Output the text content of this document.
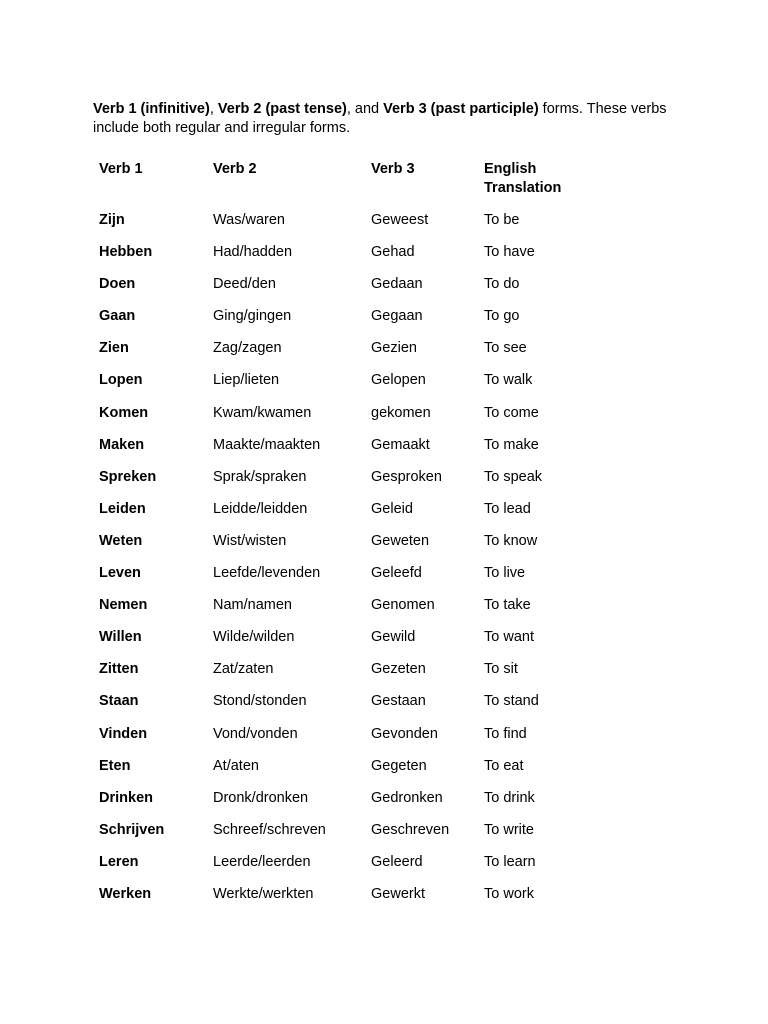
Verb 1 (infinitive), Verb 2 (past tense), and Verb 3 (past participle) forms. These verbs include both regular and irregular forms.
Verb 1	Verb 2	Verb 3	English Translation
Zijn	Was/waren	Geweest	To be
Hebben	Had/hadden	Gehad	To have
Doen	Deed/den	Gedaan	To do
Gaan	Ging/gingen	Gegaan	To go
Zien	Zag/zagen	Gezien	To see
Lopen	Liep/lieten	Gelopen	To walk
Komen	Kwam/kwamen	gekomen	To come
Maken	Maakte/maakten	Gemaakt	To make
Spreken	Sprak/spraken	Gesproken	To speak
Leiden	Leidde/leidden	Geleid	To lead
Weten	Wist/wisten	Geweten	To know
Leven	Leefde/levenden	Geleefd	To live
Nemen	Nam/namen	Genomen	To take
Willen	Wilde/wilden	Gewild	To want
Zitten	Zat/zaten	Gezeten	To sit
Staan	Stond/stonden	Gestaan	To stand
Vinden	Vond/vonden	Gevonden	To find
Eten	At/aten	Gegeten	To eat
Drinken	Dronk/dronken	Gedronken	To drink
Schrijven	Schreef/schreven	Geschreven	To write
Leren	Leerde/leerden	Geleerd	To learn
Werken	Werkte/werkten	Gewerkt	To work
